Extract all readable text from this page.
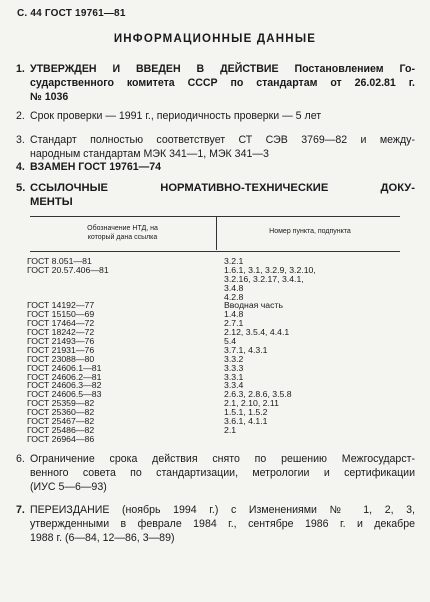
С. 44 ГОСТ 19761—81
ИНФОРМАЦИОННЫЕ ДАННЫЕ
1. УТВЕРЖДЕН И ВВЕДЕН В ДЕЙСТВИЕ Постановлением Го-
сударственного комитета СССР по стандартам от 26.02.81 г.
№ 1036
2. Срок проверки — 1991 г., периодичность проверки — 5 лет
3. Стандарт полностью соответствует СТ СЭВ 3769—82 и между-
народным стандартам МЭК 341—1, МЭК 341—3
4. ВЗАМЕН ГОСТ 19761—74
5. ССЫЛОЧНЫЕ НОРМАТИВНО-ТЕХНИЧЕСКИЕ ДОКУ-
МЕНТЫ
Обозначение НТД, на
который дана ссылка
Номер пункта, подпункта
ГОСТ 8.051—81	3.2.1
ГОСТ 20.57.406—81	1.6.1, 3.1, 3.2.9, 3.2.10,
3.2.16, 3.2.17, 3.4.1,
3.4.8
4.2.8
ГОСТ 14192—77	Вводная часть
ГОСТ 15150—69	1.4.8
ГОСТ 17464—72	2.7.1
ГОСТ 18242—72	2.12, 3.5.4, 4.4.1
ГОСТ 21493—76	5.4
ГОСТ 21931—76	3.7.1, 4.3.1
ГОСТ 23088—80	3.3.2
ГОСТ 24606.1—81	3.3.3
ГОСТ 24606.2—81	3.3.1
ГОСТ 24606.3—82	3.3.4
ГОСТ 24606.5—83	2.6.3, 2.8.6, 3.5.8
ГОСТ 25359—82	2.1, 2.10, 2.11
ГОСТ 25360—82	1.5.1, 1.5.2
ГОСТ 25467—82	3.6.1, 4.1.1
ГОСТ 25486—82	2.1
ГОСТ 26964—86
6. Ограничение срока действия снято по решению Межгосударст-
венного совета по стандартизации, метрологии и сертификации
(ИУС 5—6—93)
7. ПЕРЕИЗДАНИЕ (ноябрь 1994 г.) с Изменениями № 1, 2, 3,
утвержденными в феврале 1984 г., сентябре 1986 г. и декабре
1988 г. (6—84, 12—86, 3—89)
